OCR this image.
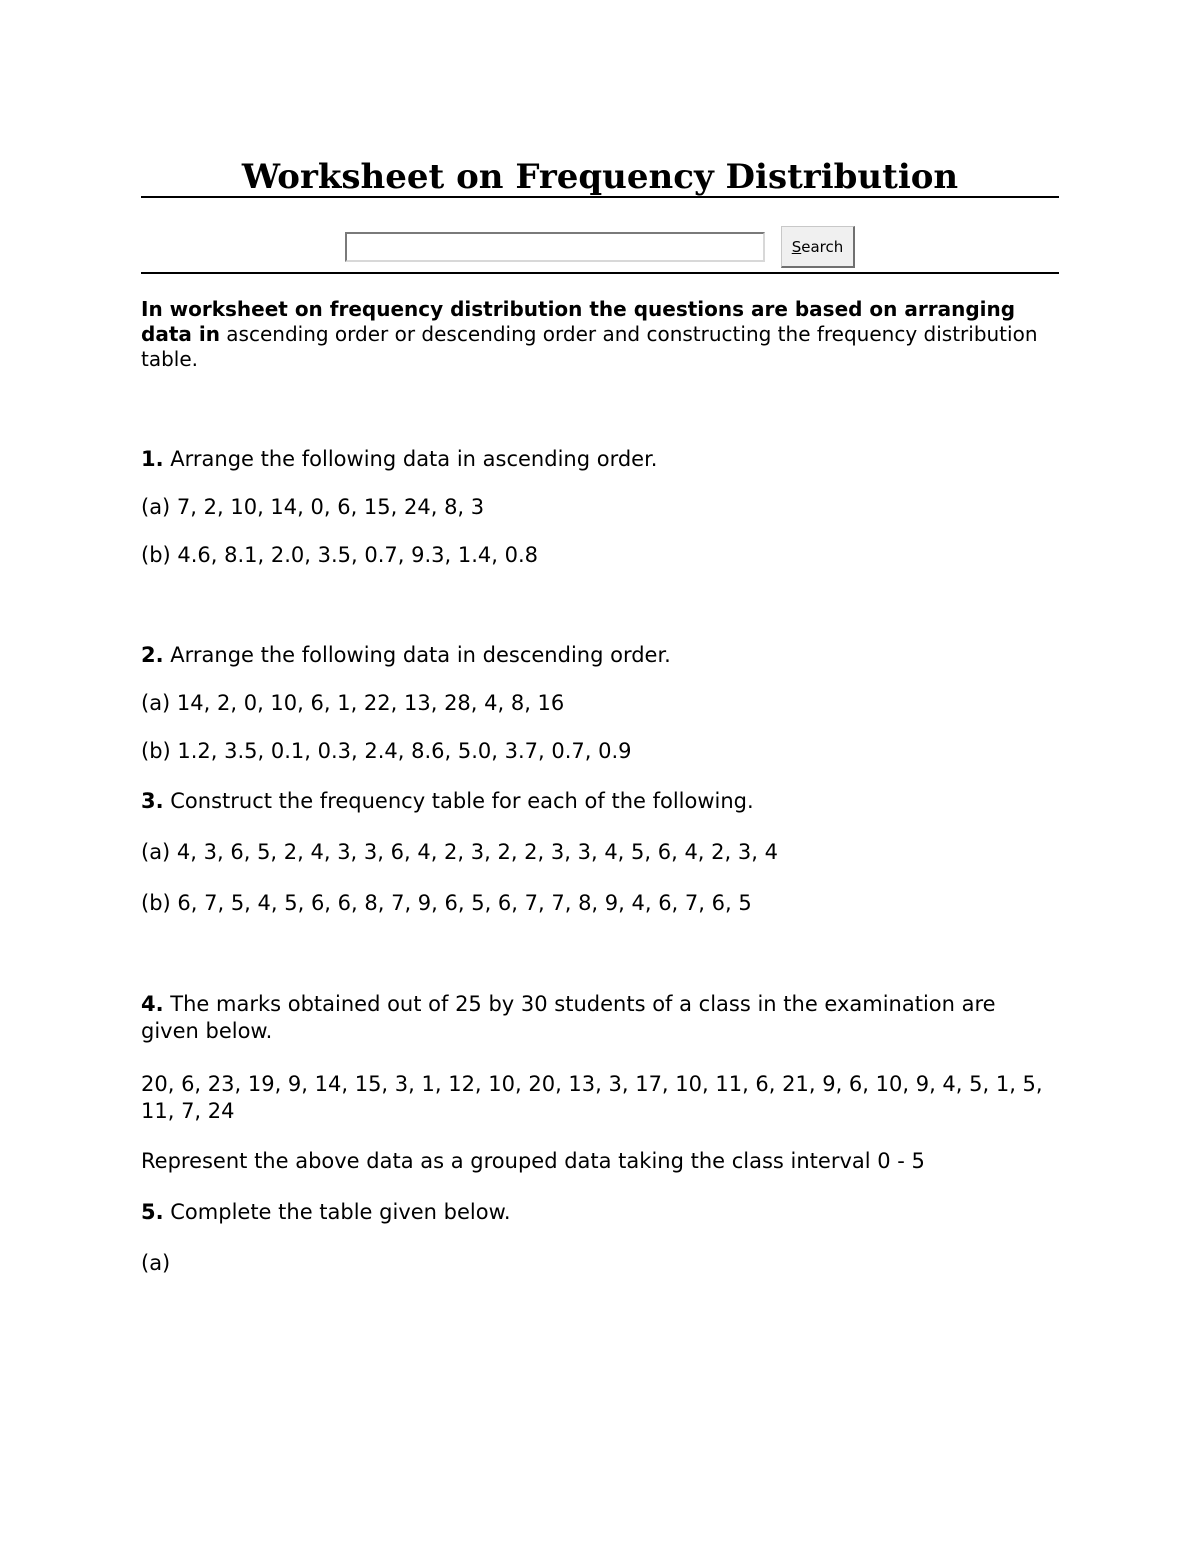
Worksheet on Frequency Distribution
Search

In worksheet on frequency distribution the questions are based on arranging data in ascending order or descending order and constructing the frequency distribution table.

1. Arrange the following data in ascending order.

(a) 7, 2, 10, 14, 0, 6, 15, 24, 8, 3

(b) 4.6, 8.1, 2.0, 3.5, 0.7, 9.3, 1.4, 0.8

2. Arrange the following data in descending order.

(a) 14, 2, 0, 10, 6, 1, 22, 13, 28, 4, 8, 16

(b) 1.2, 3.5, 0.1, 0.3, 2.4, 8.6, 5.0, 3.7, 0.7, 0.9

3. Construct the frequency table for each of the following.

(a) 4, 3, 6, 5, 2, 4, 3, 3, 6, 4, 2, 3, 2, 2, 3, 3, 4, 5, 6, 4, 2, 3, 4

(b) 6, 7, 5, 4, 5, 6, 6, 8, 7, 9, 6, 5, 6, 7, 7, 8, 9, 4, 6, 7, 6, 5

4. The marks obtained out of 25 by 30 students of a class in the examination are given below.

20, 6, 23, 19, 9, 14, 15, 3, 1, 12, 10, 20, 13, 3, 17, 10, 11, 6, 21, 9, 6, 10, 9, 4, 5, 1, 5, 11, 7, 24

Represent the above data as a grouped data taking the class interval 0 - 5

5. Complete the table given below.

(a)
